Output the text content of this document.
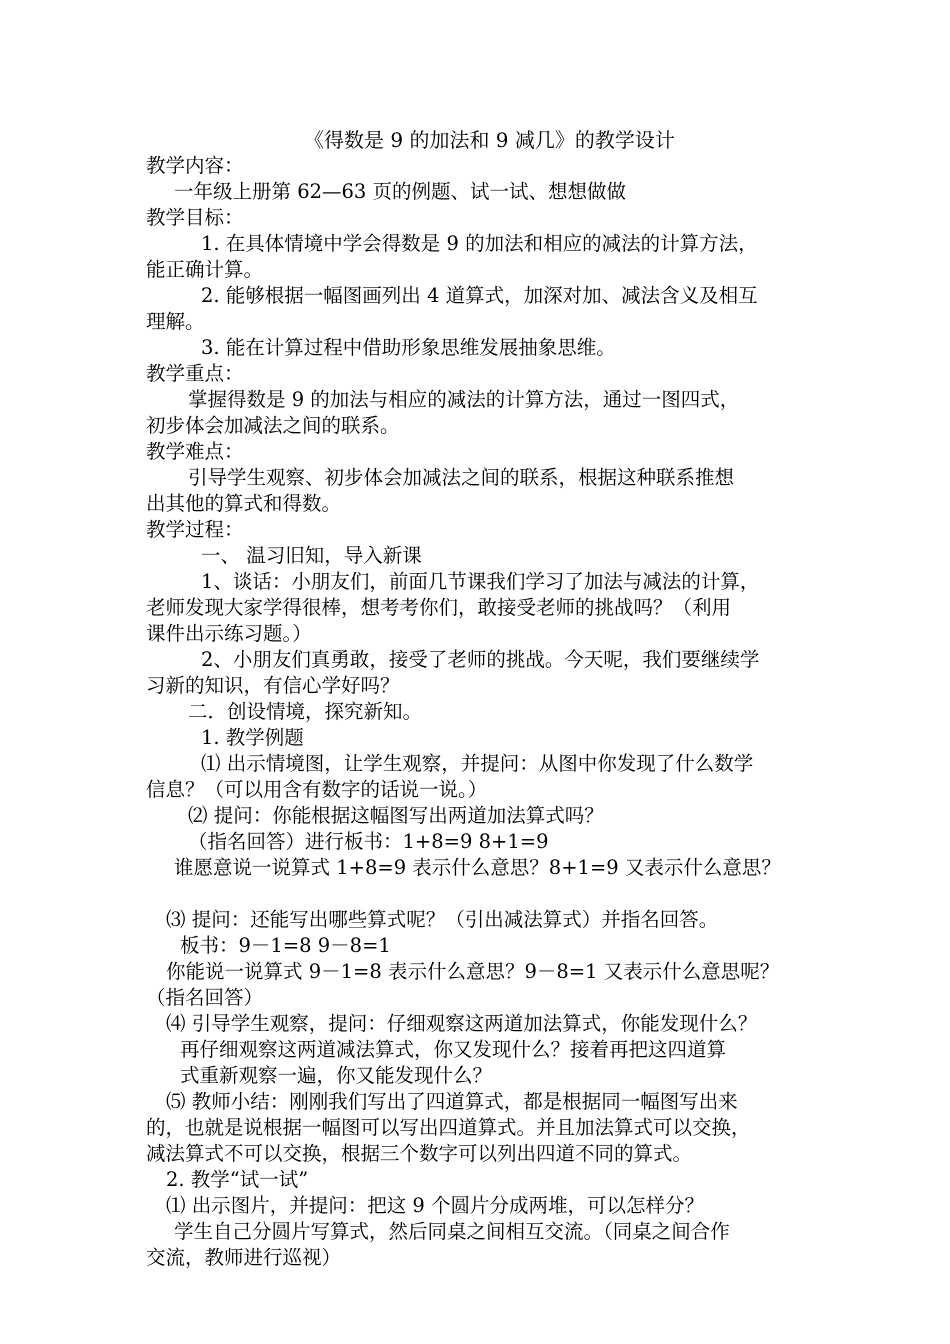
《得数是 9 的加法和 9 减几》的教学设计
教学内容：
一年级上册第 62—63 页的例题、试一试、想想做做
教学目标：
1. 在具体情境中学会得数是 9 的加法和相应的减法的计算方法，
能正确计算。
2. 能够根据一幅图画列出 4 道算式，加深对加、减法含义及相互
理解。
3. 能在计算过程中借助形象思维发展抽象思维。
教学重点：
掌握得数是 9 的加法与相应的减法的计算方法，通过一图四式，
初步体会加减法之间的联系。
教学难点：
引导学生观察、初步体会加减法之间的联系，根据这种联系推想
出其他的算式和得数。
教学过程：
一、 温习旧知，导入新课
1、谈话：小朋友们，前面几节课我们学习了加法与减法的计算，
老师发现大家学得很棒，想考考你们，敢接受老师的挑战吗？（利用
课件出示练习题。）
2、小朋友们真勇敢，接受了老师的挑战。今天呢，我们要继续学
习新的知识，有信心学好吗？
二．创设情境，探究新知。
1. 教学例题
⑴ 出示情境图，让学生观察，并提问：从图中你发现了什么数学
信息？（可以用含有数字的话说一说。）
⑵ 提问：你能根据这幅图写出两道加法算式吗？
（指名回答）进行板书：1+8=9 8+1=9
谁愿意说一说算式 1+8=9 表示什么意思？8+1=9 又表示什么意思？
⑶ 提问：还能写出哪些算式呢？（引出减法算式）并指名回答。
板书：9－1=8 9－8=1
你能说一说算式 9－1=8 表示什么意思？9－8=1 又表示什么意思呢？
（指名回答）
⑷ 引导学生观察，提问：仔细观察这两道加法算式，你能发现什么？
再仔细观察这两道减法算式，你又发现什么？接着再把这四道算
式重新观察一遍，你又能发现什么？
⑸ 教师小结：刚刚我们写出了四道算式，都是根据同一幅图写出来
的，也就是说根据一幅图可以写出四道算式。并且加法算式可以交换，
减法算式不可以交换，根据三个数字可以列出四道不同的算式。
2. 教学“试一试”
⑴ 出示图片，并提问：把这 9 个圆片分成两堆，可以怎样分？
学生自己分圆片写算式，然后同桌之间相互交流。（同桌之间合作
交流，教师进行巡视）
